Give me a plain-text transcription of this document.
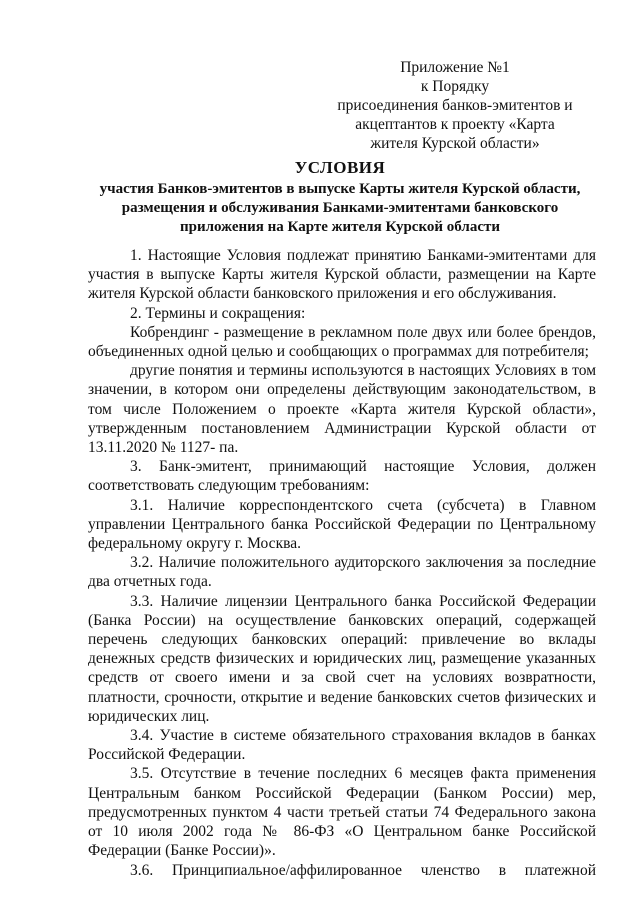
Приложение №1
к Порядку
присоединения банков-эмитентов и
акцептантов к проекту «Карта
жителя Курской области»
УСЛОВИЯ
участия Банков-эмитентов в выпуске Карты жителя Курской области,
размещения и обслуживания Банками-эмитентами банковского
приложения на Карте жителя Курской области

1. Настоящие Условия подлежат принятию Банками-эмитентами для участия в выпуске Карты жителя Курской области, размещении на Карте жителя Курской области банковского приложения и его обслуживания.

2. Термины и сокращения:

Кобрендинг - размещение в рекламном поле двух или более брендов, объединенных одной целью и сообщающих о программах для потребителя;

другие понятия и термины используются в настоящих Условиях в том значении, в котором они определены действующим законодательством, в том числе Положением о проекте «Карта жителя Курской области», утвержденным постановлением Администрации Курской области от 13.11.2020 № 1127- па.

3. Банк-эмитент, принимающий настоящие Условия, должен соответствовать следующим требованиям:

3.1. Наличие корреспондентского счета (субсчета) в Главном управлении Центрального банка Российской Федерации по Центральному федеральному округу г. Москва.

3.2. Наличие положительного аудиторского заключения за последние два отчетных года.

3.3. Наличие лицензии Центрального банка Российской Федерации (Банка России) на осуществление банковских операций, содержащей перечень следующих банковских операций: привлечение во вклады денежных средств физических и юридических лиц, размещение указанных средств от своего имени и за свой счет на условиях возвратности, платности, срочности, открытие и ведение банковских счетов физических и юридических лиц.

3.4. Участие в системе обязательного страхования вкладов в банках Российской Федерации.

3.5. Отсутствие в течение последних 6 месяцев факта применения Центральным банком Российской Федерации (Банком России) мер, предусмотренных пунктом 4 части третьей статьи 74 Федерального закона от 10 июля 2002 года № 86-ФЗ «О Центральном банке Российской Федерации (Банке России)».

3.6. Принципиальное/аффилированное членство в платежной
